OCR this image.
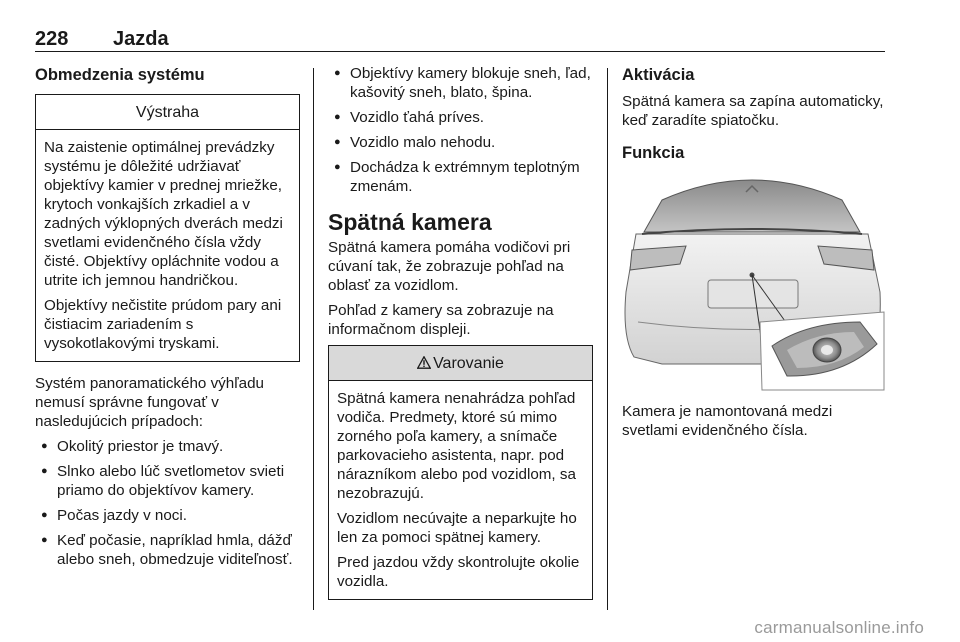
228 Jazda
Obmedzenia systému
Výstraha

Na zaistenie optimálnej prevádzky systému je dôležité udržiavať objektívy kamier v prednej mriežke, krytoch vonkajších zrkadiel a v zadných výklopných dverách medzi svetlami evidenčného čísla vždy čisté. Objektívy opláchnite vodou a utrite ich jemnou handričkou.

Objektívy nečistite prúdom pary ani čistiacim zariadením s vysokotlakovými tryskami.

Systém panoramatického výhľadu nemusí správne fungovať v nasledujúcich prípadoch:

● Okolitý priestor je tmavý.
● Slnko alebo lúč svetlometov svieti priamo do objektívov kamery.
● Počas jazdy v noci.
● Keď počasie, napríklad hmla, dážď alebo sneh, obmedzuje viditeľnosť.
● Objektívy kamery blokuje sneh, ľad, kašovitý sneh, blato, špina.
● Vozidlo ťahá príves.
● Vozidlo malo nehodu.
● Dochádza k extrémnym teplotným zmenám.
Spätná kamera

Spätná kamera pomáha vodičovi pri cúvaní tak, že zobrazuje pohľad na oblasť za vozidlom.

Pohľad z kamery sa zobrazuje na informačnom displeji.

Varovanie

Spätná kamera nenahrádza pohľad vodiča. Predmety, ktoré sú mimo zorného poľa kamery, a snímače parkovacieho asistenta, napr. pod nárazníkom alebo pod vozidlom, sa nezobrazujú.

Vozidlom necúvajte a neparkujte ho len za pomoci spätnej kamery.

Pred jazdou vždy skontrolujte okolie vozidla.

Aktivácia

Spätná kamera sa zapína automaticky, keď zaradíte spiatočku.

Funkcia

Kamera je namontovaná medzi svetlami evidenčného čísla.

carmanualsonline.info
